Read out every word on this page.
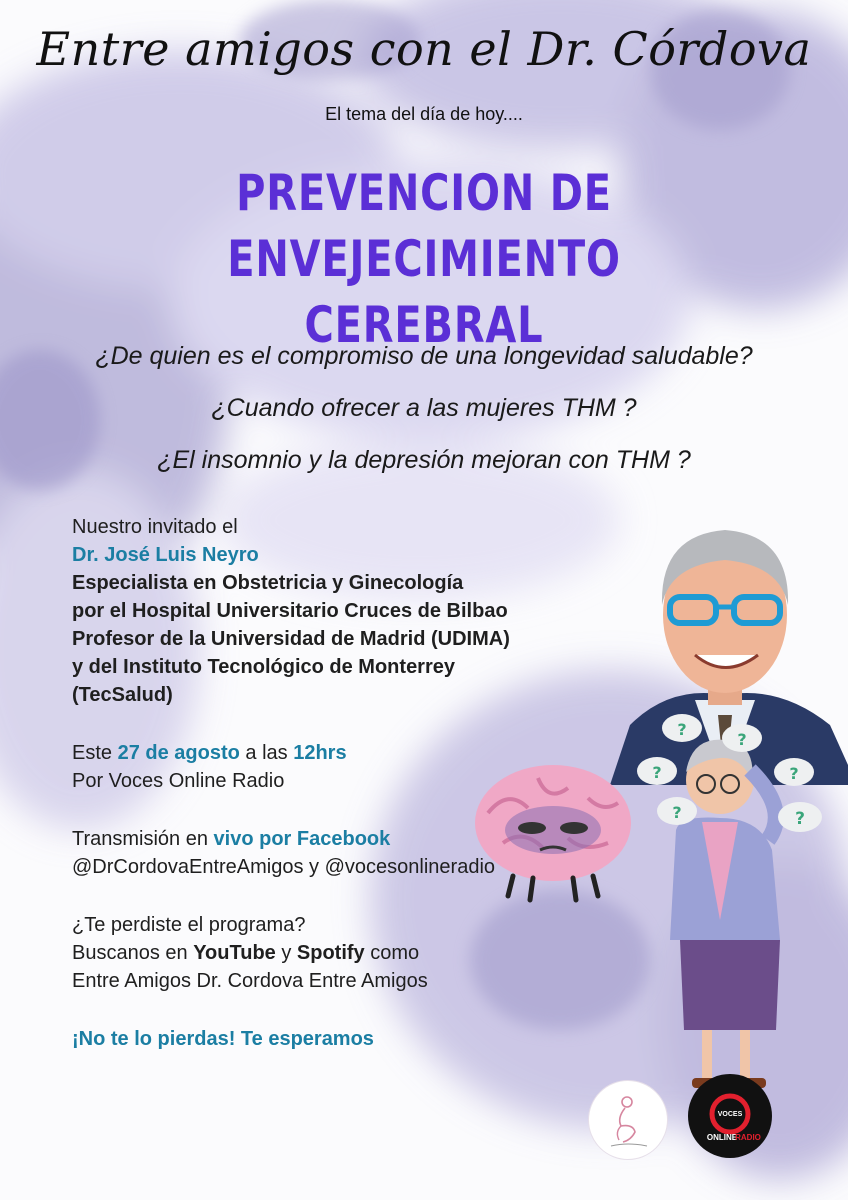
?
?
?	?
?	?
Entre amigos con el Dr. Córdova
El tema del día de hoy....
PREVENCION DE ENVEJECIMIENTO
CEREBRAL
¿De quien es el compromiso de una longevidad saludable?
¿Cuando ofrecer a las mujeres THM ?
¿El insomnio y la depresión mejoran con THM ?
Nuestro invitado el
Dr. José Luis Neyro
Especialista en Obstetricia y Ginecología
por el Hospital Universitario Cruces de Bilbao
Profesor de la Universidad de Madrid (UDIMA)
y del Instituto Tecnológico de Monterrey
(TecSalud)
Este 27 de agosto a las 12hrs
Por Voces Online Radio
Transmisión en vivo por Facebook
@DrCordovaEntreAmigos y @vocesonlineradio
¿Te perdiste el programa?
Buscanos en YouTube y Spotify como
Entre Amigos Dr. Cordova Entre Amigos
¡No te lo pierdas! Te esperamos
VOCES
ONLINE
RADIO
